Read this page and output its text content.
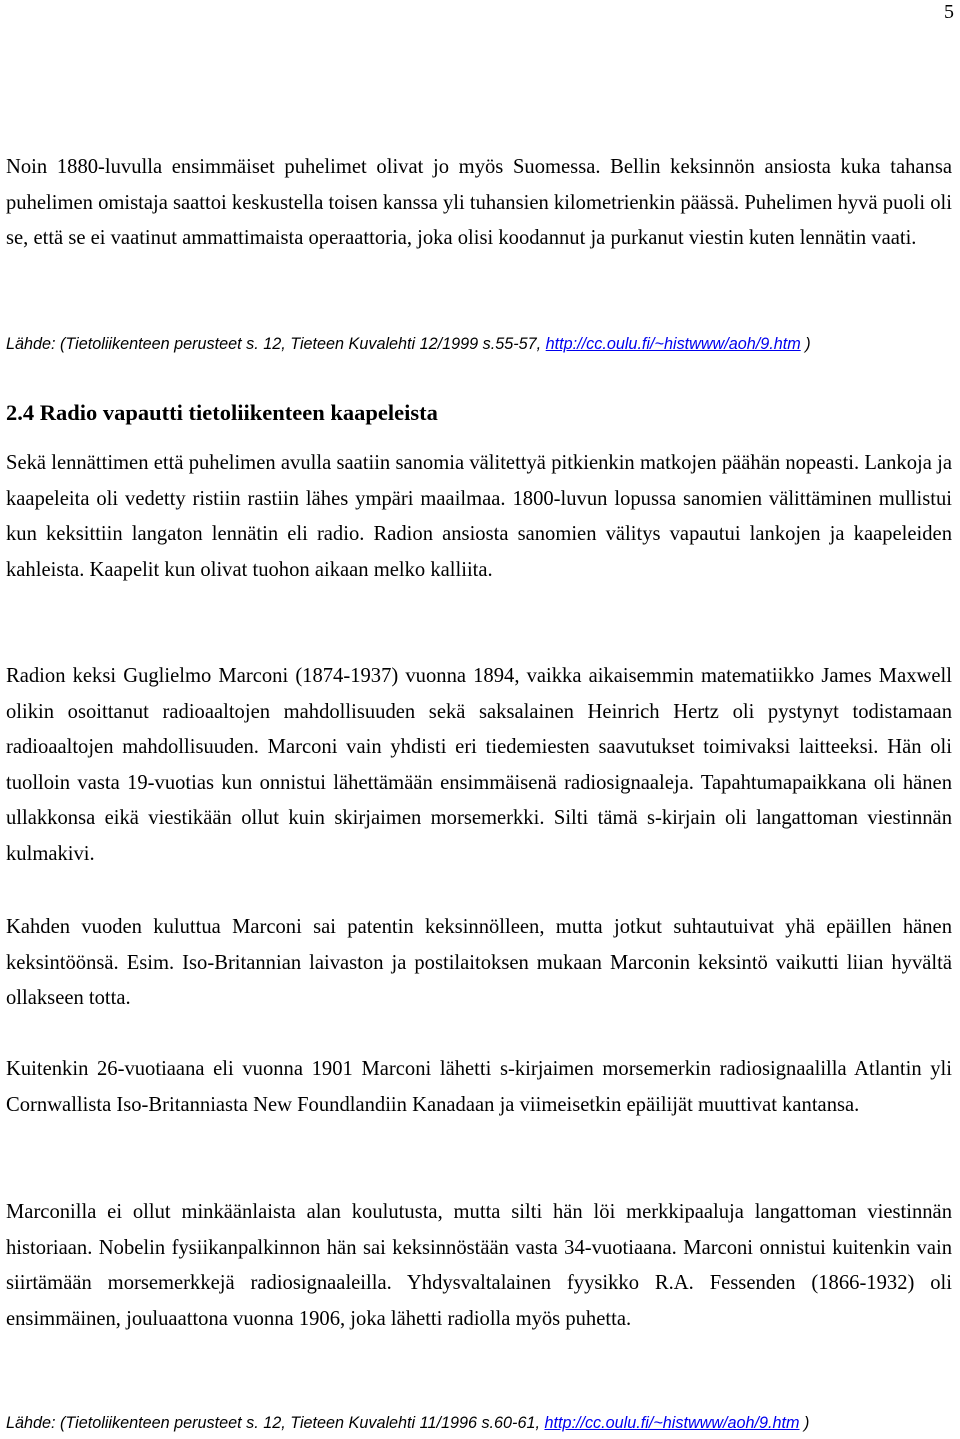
5

Noin 1880-luvulla ensimmäiset puhelimet olivat jo myös Suomessa. Bellin keksinnön ansiosta kuka tahansa puhelimen omistaja saattoi keskustella toisen kanssa yli tuhansien kilometrienkin päässä. Puhelimen hyvä puoli oli se, että se ei vaatinut ammattimaista operaattoria, joka olisi koodannut ja purkanut viestin kuten lennätin vaati.

Lähde: (Tietoliikenteen perusteet s. 12, Tieteen Kuvalehti 12/1999 s.55-57, http://cc.oulu.fi/~histwww/aoh/9.htm )

2.4 Radio vapautti tietoliikenteen kaapeleista

Sekä lennättimen että puhelimen avulla saatiin sanomia välitettyä pitkienkin matkojen päähän nopeasti. Lankoja ja kaapeleita oli vedetty ristiin rastiin lähes ympäri maailmaa. 1800-luvun lopussa sanomien välittäminen mullistui kun keksittiin langaton lennätin eli radio. Radion ansiosta sanomien välitys vapautui lankojen ja kaapeleiden kahleista. Kaapelit kun olivat tuohon aikaan melko kalliita.

Radion keksi Guglielmo Marconi (1874-1937) vuonna 1894, vaikka aikaisemmin matematiikko James Maxwell olikin osoittanut radioaaltojen mahdollisuuden sekä saksalainen Heinrich Hertz oli pystynyt todistamaan radioaaltojen mahdollisuuden. Marconi vain yhdisti eri tiedemiesten saavutukset toimivaksi laitteeksi. Hän oli tuolloin vasta 19-vuotias kun onnistui lähettämään ensimmäisenä radiosignaaleja. Tapahtumapaikkana oli hänen ullakkonsa eikä viestikään ollut kuin skirjaimen morsemerkki. Silti tämä s-kirjain oli langattoman viestinnän kulmakivi.

Kahden vuoden kuluttua Marconi sai patentin keksinnölleen, mutta jotkut suhtautuivat yhä epäillen hänen keksintöönsä. Esim. Iso-Britannian laivaston ja postilaitoksen mukaan Marconin keksintö vaikutti liian hyvältä ollakseen totta.

Kuitenkin 26-vuotiaana eli vuonna 1901 Marconi lähetti s-kirjaimen morsemerkin radiosignaalilla Atlantin yli Cornwallista Iso-Britanniasta New Foundlandiin Kanadaan ja viimeisetkin epäilijät muuttivat kantansa.

Marconilla ei ollut minkäänlaista alan koulutusta, mutta silti hän löi merkkipaaluja langattoman viestinnän historiaan. Nobelin fysiikanpalkinnon hän sai keksinnöstään vasta 34-vuotiaana. Marconi onnistui kuitenkin vain siirtämään morsemerkkejä radiosignaaleilla. Yhdysvaltalainen fyysikko R.A. Fessenden (1866-1932) oli ensimmäinen, jouluaattona vuonna 1906, joka lähetti radiolla myös puhetta.

Lähde: (Tietoliikenteen perusteet s. 12, Tieteen Kuvalehti 11/1996 s.60-61, http://cc.oulu.fi/~histwww/aoh/9.htm )
